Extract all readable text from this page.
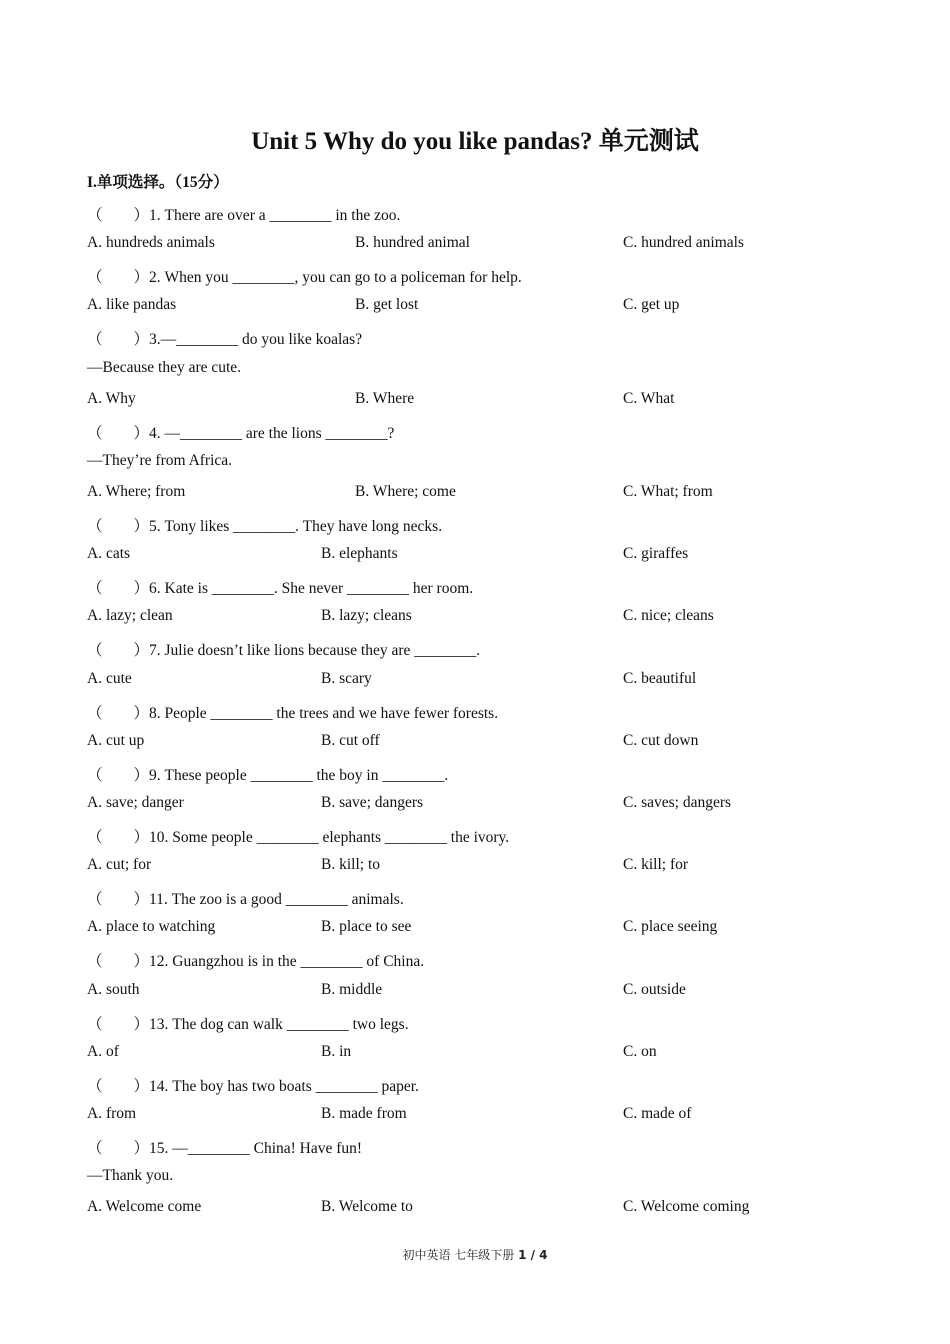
Unit 5 Why do you like pandas? 单元测试
I.单项选择。（15分）
（　　）1. There are over a ________ in the zoo.
A. hundreds animals	B. hundred animal	C. hundred animals
（　　）2. When you ________, you can go to a policeman for help.
A. like pandas	B. get lost	C. get up
（　　）3.—________ do you like koalas?
—Because they are cute.
A. Why	B. Where	C. What
（　　）4. —________ are the lions ________?
—They’re from Africa.
A. Where; from	B. Where; come	C. What; from
（　　）5. Tony likes ________. They have long necks.
A. cats	B. elephants	C. giraffes
（　　）6. Kate is ________. She never ________ her room.
A. lazy; clean	B. lazy; cleans	C. nice; cleans
（　　）7. Julie doesn’t like lions because they are ________.
A. cute	B. scary	C. beautiful
（　　）8. People ________ the trees and we have fewer forests.
A. cut up	B. cut off	C. cut down
（　　）9. These people ________ the boy in ________.
A. save; danger	B. save; dangers	C. saves; dangers
（　　）10. Some people ________ elephants ________ the ivory.
A. cut; for	B. kill; to	C. kill; for
（　　）11. The zoo is a good ________ animals.
A. place to watching	B. place to see	C. place seeing
（　　）12. Guangzhou is in the ________ of China.
A. south	B. middle	C. outside
（　　）13. The dog can walk ________ two legs.
A. of	B. in	C. on
（　　）14. The boy has two boats ________ paper.
A. from	B. made from	C. made of
（　　）15. —________ China! Have fun!
—Thank you.
A. Welcome come	B. Welcome to	C. Welcome coming
初中英语 七年级下册 1 / 4
